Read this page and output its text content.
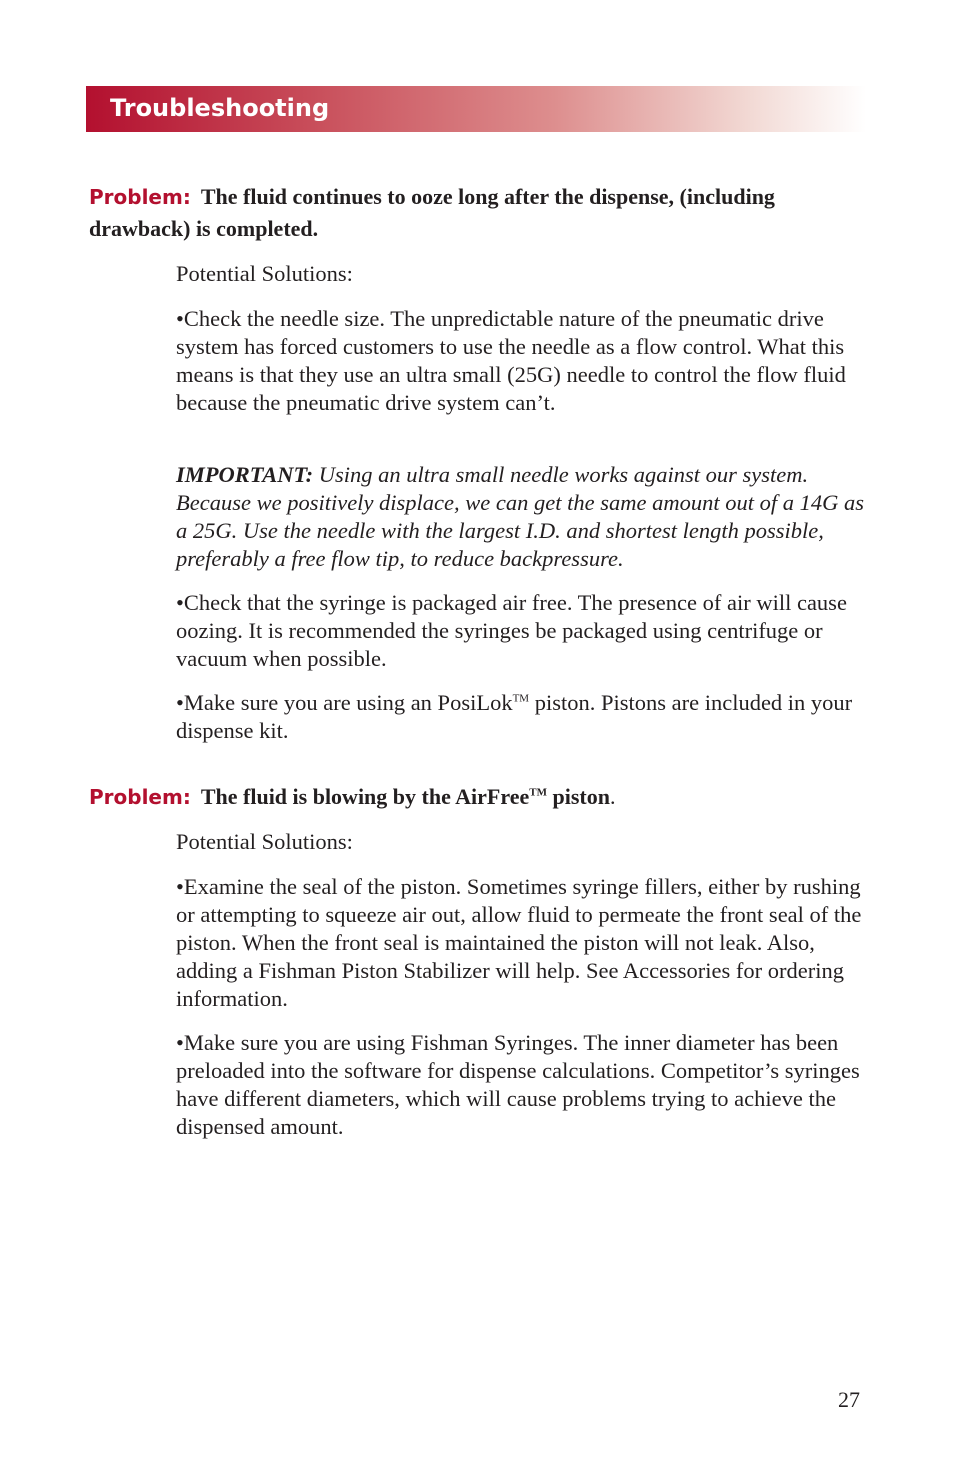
Troubleshooting
Problem: The fluid continues to ooze long after the dispense, (including drawback) is completed.

Potential Solutions:

•Check the needle size. The unpredictable nature of the pneumatic drive system has forced customers to use the needle as a flow control. What this means is that they use an ultra small (25G) needle to control the flow fluid because the pneumatic drive system can’t.

IMPORTANT: Using an ultra small needle works against our system. Because we positively displace, we can get the same amount out of a 14G as a 25G. Use the needle with the largest I.D. and shortest length possible, preferably a free flow tip, to reduce backpressure.

•Check that the syringe is packaged air free. The presence of air will cause oozing. It is recommended the syringes be packaged using centrifuge or vacuum when possible.

•Make sure you are using an PosiLok™ piston. Pistons are included in your dispense kit.

Problem: The fluid is blowing by the AirFree™ piston.

Potential Solutions:

•Examine the seal of the piston. Sometimes syringe fillers, either by rushing or attempting to squeeze air out, allow fluid to permeate the front seal of the piston. When the front seal is maintained the piston will not leak. Also, adding a Fishman Piston Stabilizer will help. See Accessories for ordering information.

•Make sure you are using Fishman Syringes. The inner diameter has been preloaded into the software for dispense calculations. Competitor’s syringes have different diameters, which will cause problems trying to achieve the dispensed amount.

27
